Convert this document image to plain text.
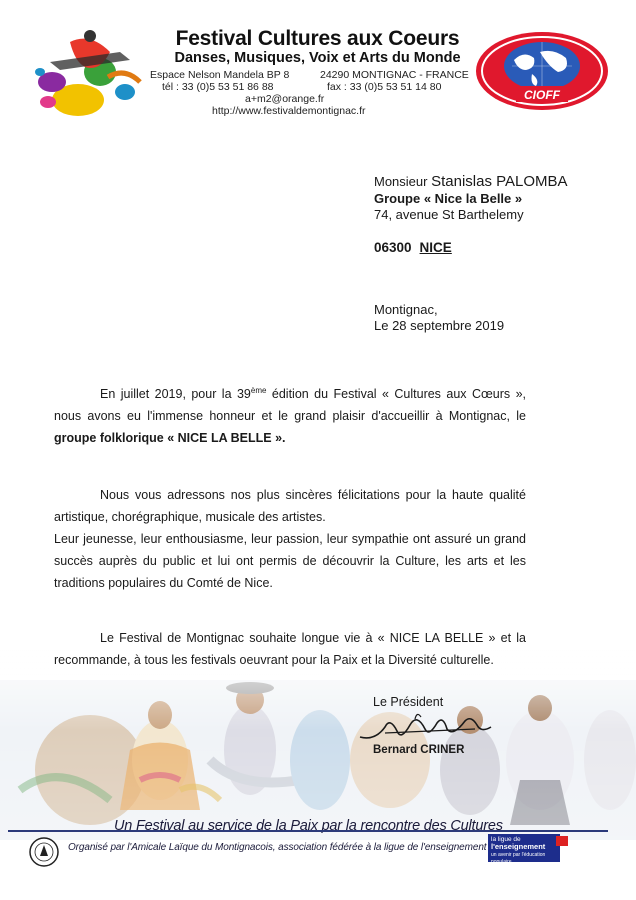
Festival Cultures aux Coeurs
Danses, Musiques, Voix et Arts du Monde
Espace Nelson Mandela BP 8	24290 MONTIGNAC - FRANCE
tél : 33 (0)5 53 51 86 88	fax : 33 (0)5 53 51 14 80
a+m2@orange.fr
http://www.festivaldemontignac.fr
CIOFF
Monsieur Stanislas PALOMBA
Groupe « Nice la Belle »
74, avenue St Barthelemy
06300 NICE
Montignac,
Le 28 septembre 2019
En juillet 2019, pour la 39ème édition du Festival « Cultures aux Cœurs », nous avons eu l'immense honneur et le grand plaisir d'accueillir à Montignac, le groupe folklorique « NICE LA BELLE ».
Nous vous adressons nos plus sincères félicitations pour la haute qualité artistique, chorégraphique, musicale des artistes.
Leur jeunesse, leur enthousiasme, leur passion, leur sympathie ont assuré un grand succès auprès du public et lui ont permis de découvrir la Culture, les arts et les traditions populaires du Comté de Nice.
Le Festival de Montignac souhaite longue vie à « NICE LA BELLE » et la recommande, à tous les festivals oeuvrant pour la Paix et la Diversité culturelle.
Le Président
Bernard CRINER
Un Festival au service de la Paix par la rencontre des Cultures
Organisé par l'Amicale Laïque du Montignacois, association fédérée à la ligue de l'enseignement
la ligue de
l'enseignement
un avenir par l'éducation populaire
